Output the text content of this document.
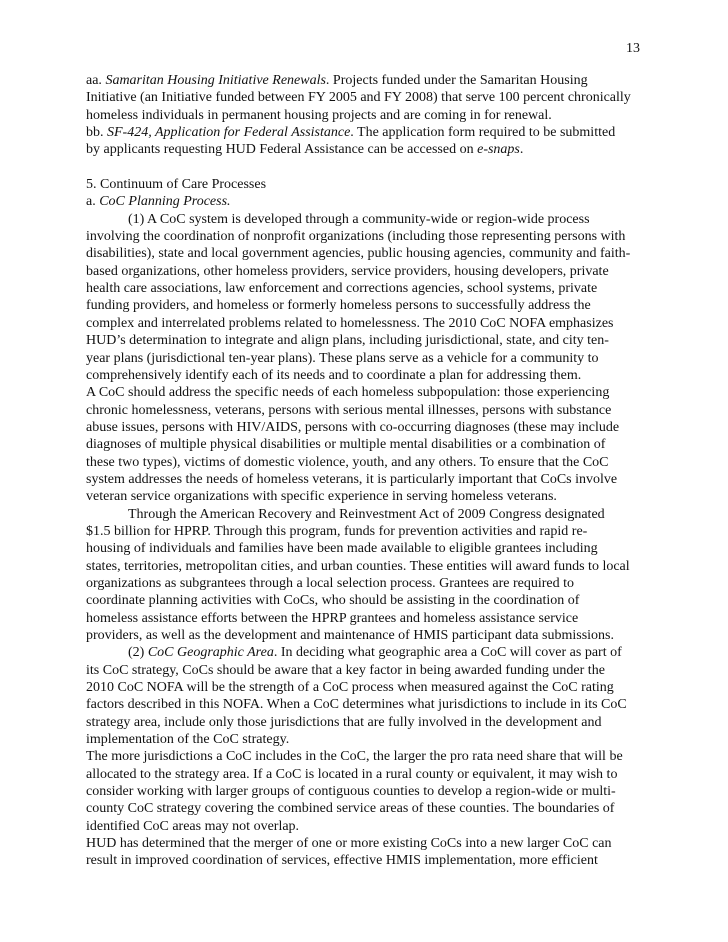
13

aa. Samaritan Housing Initiative Renewals. Projects funded under the Samaritan Housing

Initiative (an Initiative funded between FY 2005 and FY 2008) that serve 100 percent chronically

homeless individuals in permanent housing projects and are coming in for renewal.

bb. SF-424, Application for Federal Assistance. The application form required to be submitted

by applicants requesting HUD Federal Assistance can be accessed on e-snaps.

5. Continuum of Care Processes

a. CoC Planning Process.

(1) A CoC system is developed through a community-wide or region-wide process

involving the coordination of nonprofit organizations (including those representing persons with

disabilities), state and local government agencies, public housing agencies, community and faith-

based organizations, other homeless providers, service providers, housing developers, private

health care associations, law enforcement and corrections agencies, school systems, private

funding providers, and homeless or formerly homeless persons to successfully address the

complex and interrelated problems related to homelessness. The 2010 CoC NOFA emphasizes

HUD’s determination to integrate and align plans, including jurisdictional, state, and city ten-

year plans (jurisdictional ten-year plans). These plans serve as a vehicle for a community to

comprehensively identify each of its needs and to coordinate a plan for addressing them.

A CoC should address the specific needs of each homeless subpopulation: those experiencing

chronic homelessness, veterans, persons with serious mental illnesses, persons with substance

abuse issues, persons with HIV/AIDS, persons with co-occurring diagnoses (these may include

diagnoses of multiple physical disabilities or multiple mental disabilities or a combination of

these two types), victims of domestic violence, youth, and any others. To ensure that the CoC

system addresses the needs of homeless veterans, it is particularly important that CoCs involve

veteran service organizations with specific experience in serving homeless veterans.

Through the American Recovery and Reinvestment Act of 2009 Congress designated

$1.5 billion for HPRP. Through this program, funds for prevention activities and rapid re-

housing of individuals and families have been made available to eligible grantees including

states, territories, metropolitan cities, and urban counties. These entities will award funds to local

organizations as subgrantees through a local selection process. Grantees are required to

coordinate planning activities with CoCs, who should be assisting in the coordination of

homeless assistance efforts between the HPRP grantees and homeless assistance service

providers, as well as the development and maintenance of HMIS participant data submissions.

(2) CoC Geographic Area. In deciding what geographic area a CoC will cover as part of

its CoC strategy, CoCs should be aware that a key factor in being awarded funding under the

2010 CoC NOFA will be the strength of a CoC process when measured against the CoC rating

factors described in this NOFA. When a CoC determines what jurisdictions to include in its CoC

strategy area, include only those jurisdictions that are fully involved in the development and

implementation of the CoC strategy.

The more jurisdictions a CoC includes in the CoC, the larger the pro rata need share that will be

allocated to the strategy area. If a CoC is located in a rural county or equivalent, it may wish to

consider working with larger groups of contiguous counties to develop a region-wide or multi-

county CoC strategy covering the combined service areas of these counties. The boundaries of

identified CoC areas may not overlap.

HUD has determined that the merger of one or more existing CoCs into a new larger CoC can

result in improved coordination of services, effective HMIS implementation, more efficient
